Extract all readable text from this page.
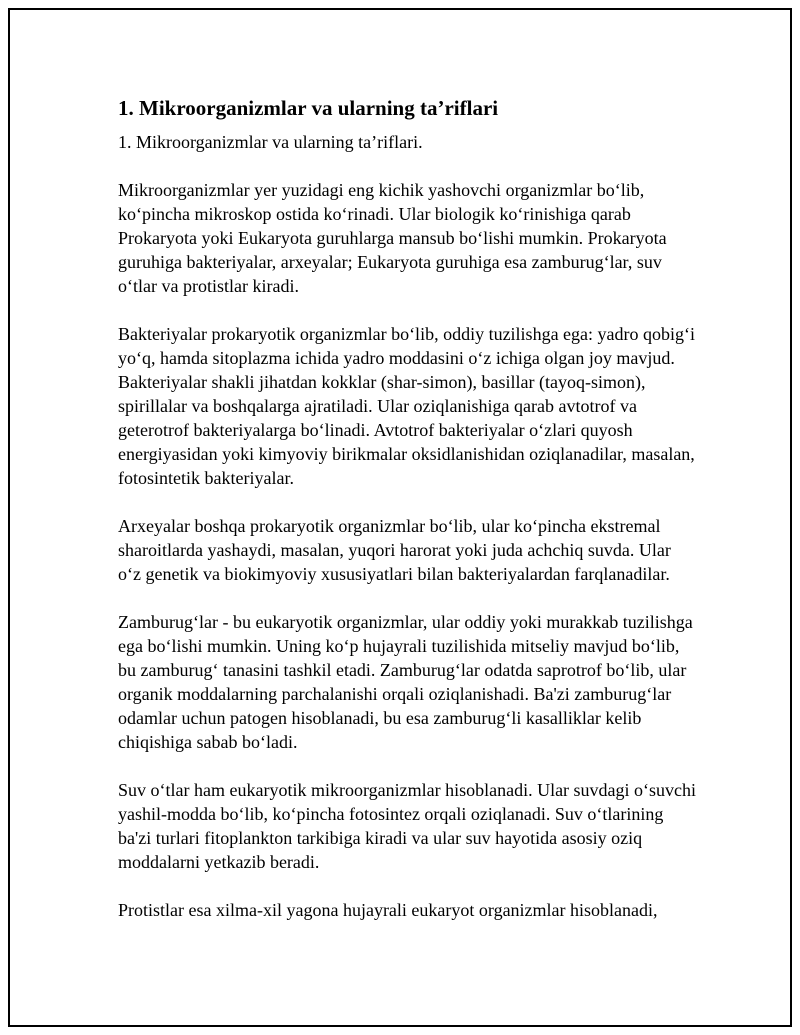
1. Mikroorganizmlar va ularning ta’riflari

1. Mikroorganizmlar va ularning ta’riflari.

Mikroorganizmlar yer yuzidagi eng kichik yashovchi organizmlar bo‘lib, ko‘pincha mikroskop ostida ko‘rinadi. Ular biologik ko‘rinishiga qarab Prokaryota yoki Eukaryota guruhlarga mansub bo‘lishi mumkin. Prokaryota guruhiga bakteriyalar, arxeyalar; Eukaryota guruhiga esa zamburug‘lar, suv o‘tlar va protistlar kiradi.

Bakteriyalar prokaryotik organizmlar bo‘lib, oddiy tuzilishga ega: yadro qobig‘i yo‘q, hamda sitoplazma ichida yadro moddasini o‘z ichiga olgan joy mavjud. Bakteriyalar shakli jihatdan kokklar (shar-simon), basillar (tayoq-simon), spirillalar va boshqalarga ajratiladi. Ular oziqlanishiga qarab avtotrof va geterotrof bakteriyalarga bo‘linadi. Avtotrof bakteriyalar o‘zlari quyosh energiyasidan yoki kimyoviy birikmalar oksidlanishidan oziqlanadilar, masalan, fotosintetik bakteriyalar.

Arxeyalar boshqa prokaryotik organizmlar bo‘lib, ular ko‘pincha ekstremal sharoitlarda yashaydi, masalan, yuqori harorat yoki juda achchiq suvda. Ular o‘z genetik va biokimyoviy xususiyatlari bilan bakteriyalardan farqlanadilar.

Zamburug‘lar - bu eukaryotik organizmlar, ular oddiy yoki murakkab tuzilishga ega bo‘lishi mumkin. Uning ko‘p hujayrali tuzilishida mitseliy mavjud bo‘lib, bu zamburug‘ tanasini tashkil etadi. Zamburug‘lar odatda saprotrof bo‘lib, ular organik moddalarning parchalanishi orqali oziqlanishadi. Ba'zi zamburug‘lar odamlar uchun patogen hisoblanadi, bu esa zamburug‘li kasalliklar kelib chiqishiga sabab bo‘ladi.

Suv o‘tlar ham eukaryotik mikroorganizmlar hisoblanadi. Ular suvdagi o‘suvchi yashil-modda bo‘lib, ko‘pincha fotosintez orqali oziqlanadi. Suv o‘tlarining ba'zi turlari fitoplankton tarkibiga kiradi va ular suv hayotida asosiy oziq moddalarni yetkazib beradi.

Protistlar esa xilma-xil yagona hujayrali eukaryot organizmlar hisoblanadi,
